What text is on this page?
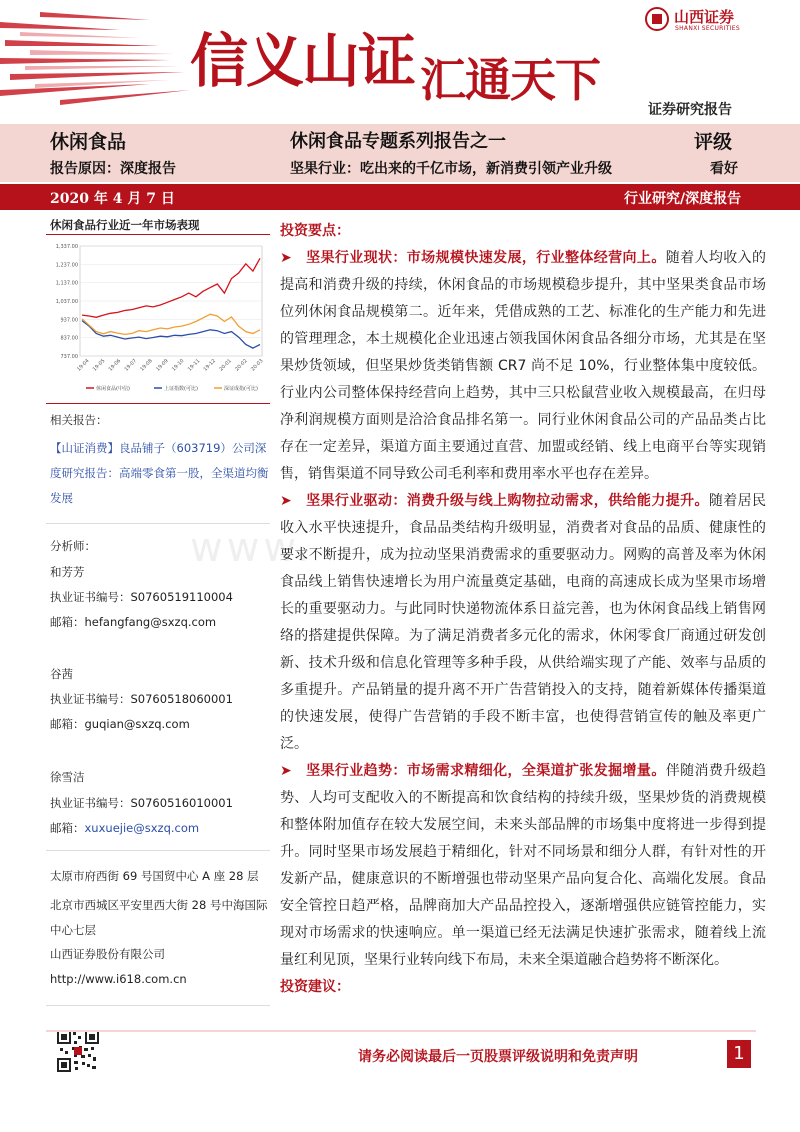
信义山证 汇通天下
山西证券
SHANXI SECURITIES
证券研究报告
休闲食品	休闲食品专题系列报告之一	评级
报告原因：深度报告	坚果行业：吃出来的千亿市场，新消费引领产业升级	看好
2020 年 4 月 7 日	行业研究/深度报告
休闲食品行业近一年市场表现
1,337.00
1,237.00
1,137.00
1,037.00
937.00
837.00
737.00
19-04 19-05 19-06 19-07 19-08 19-09 19-10 19-11 19-12 20-01 20-02 20-03
休闲食品(中信)	上证指数(可比)	深证成指(可比)
相关报告：
【山证消费】良品铺子（603719）公司深度研究报告：高端零食第一股，全渠道均衡发展
分析师：
和芳芳
执业证书编号：S0760519110004
邮箱：hefangfang@sxzq.com
谷茜
执业证书编号：S0760518060001
邮箱：guqian@sxzq.com
徐雪洁
执业证书编号：S0760516010001
邮箱：xuxuejie@sxzq.com
太原市府西街 69 号国贸中心 A 座 28 层
北京市西城区平安里西大街 28 号中海国际中心七层
山西证券股份有限公司
http://www.i618.com.cn
www.

投资要点：

➤ 坚果行业现状：市场规模快速发展，行业整体经营向上。随着人均收入的提高和消费升级的持续，休闲食品的市场规模稳步提升，其中坚果类食品市场位列休闲食品规模第二。近年来，凭借成熟的工艺、标准化的生产能力和先进的管理理念，本土规模化企业迅速占领我国休闲食品各细分市场，尤其是在坚果炒货领域，但坚果炒货类销售额 CR7 尚不足 10%，行业整体集中度较低。行业内公司整体保持经营向上趋势，其中三只松鼠营业收入规模最高，在归母净利润规模方面则是洽洽食品排名第一。同行业休闲食品公司的产品品类占比存在一定差异，渠道方面主要通过直营、加盟或经销、线上电商平台等实现销售，销售渠道不同导致公司毛利率和费用率水平也存在差异。

➤ 坚果行业驱动：消费升级与线上购物拉动需求，供给能力提升。随着居民收入水平快速提升，食品品类结构升级明显，消费者对食品的品质、健康性的要求不断提升，成为拉动坚果消费需求的重要驱动力。网购的高普及率为休闲食品线上销售快速增长为用户流量奠定基础，电商的高速成长成为坚果市场增长的重要驱动力。与此同时快递物流体系日益完善，也为休闲食品线上销售网络的搭建提供保障。为了满足消费者多元化的需求，休闲零食厂商通过研发创新、技术升级和信息化管理等多种手段，从供给端实现了产能、效率与品质的多重提升。产品销量的提升离不开广告营销投入的支持，随着新媒体传播渠道的快速发展，使得广告营销的手段不断丰富，也使得营销宣传的触及率更广泛。

➤ 坚果行业趋势：市场需求精细化，全渠道扩张发掘增量。伴随消费升级趋势、人均可支配收入的不断提高和饮食结构的持续升级，坚果炒货的消费规模和整体附加值存在较大发展空间，未来头部品牌的市场集中度将进一步得到提升。同时坚果市场发展趋于精细化，针对不同场景和细分人群，有针对性的开发新产品，健康意识的不断增强也带动坚果产品向复合化、高端化发展。食品安全管控日趋严格，品牌商加大产品品控投入，逐渐增强供应链管控能力，实现对市场需求的快速响应。单一渠道已经无法满足快速扩张需求，随着线上流量红利见顶，坚果行业转向线下布局，未来全渠道融合趋势将不断深化。

投资建议：

请务必阅读最后一页股票评级说明和免责声明	1
